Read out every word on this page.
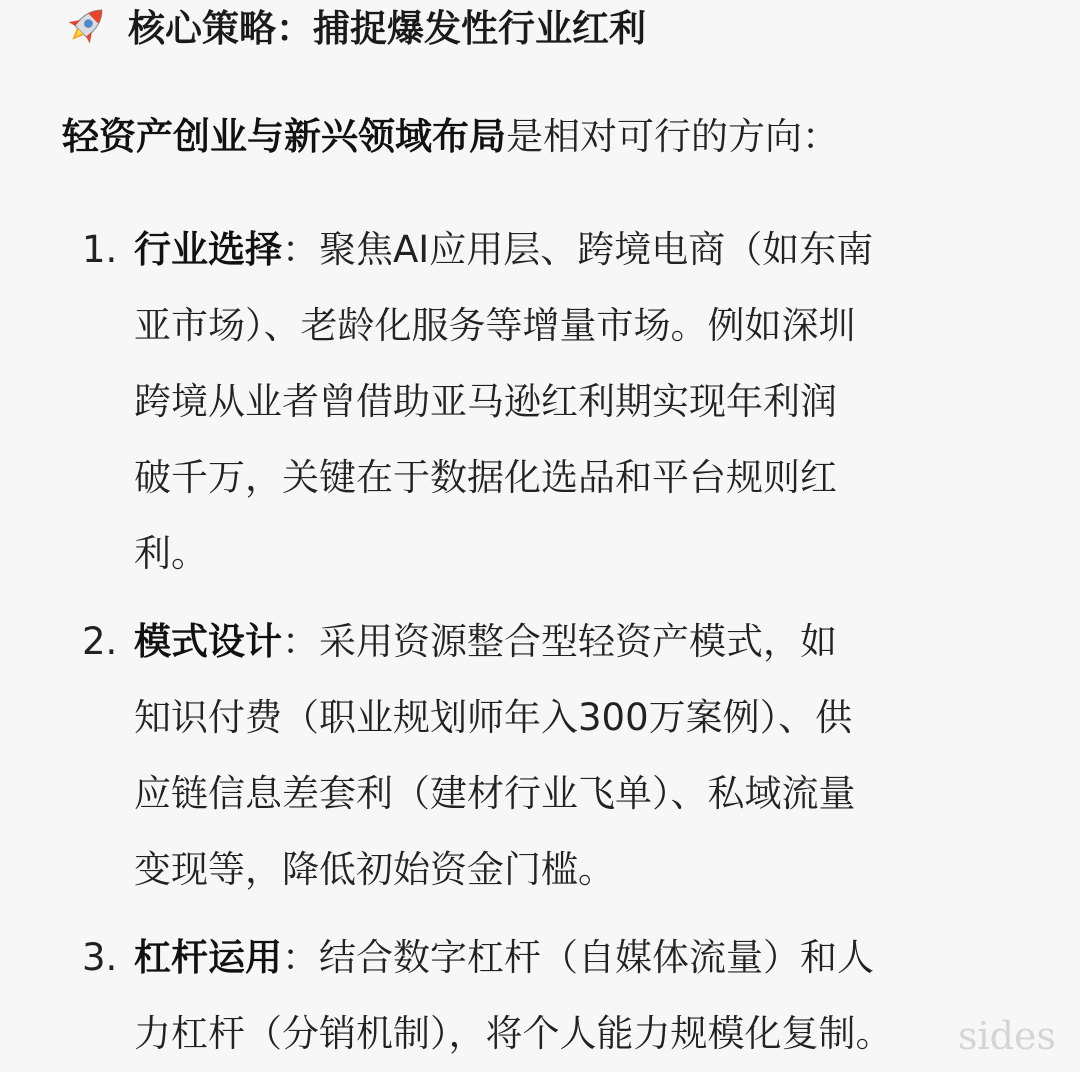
核心策略：捕捉爆发性行业红利
轻资产创业与新兴领域布局是相对可行的方向：
1. 行业选择：聚焦AI应用层、跨境电商（如东南
亚市场）、老龄化服务等增量市场。例如深圳
跨境从业者曾借助亚马逊红利期实现年利润
破千万，关键在于数据化选品和平台规则红
利。
2. 模式设计：采用资源整合型轻资产模式，如
知识付费（职业规划师年入300万案例）、供
应链信息差套利（建材行业飞单）、私域流量
变现等，降低初始资金门槛。
3. 杠杆运用：结合数字杠杆（自媒体流量）和人
力杠杆（分销机制），将个人能力规模化复制。 sides
